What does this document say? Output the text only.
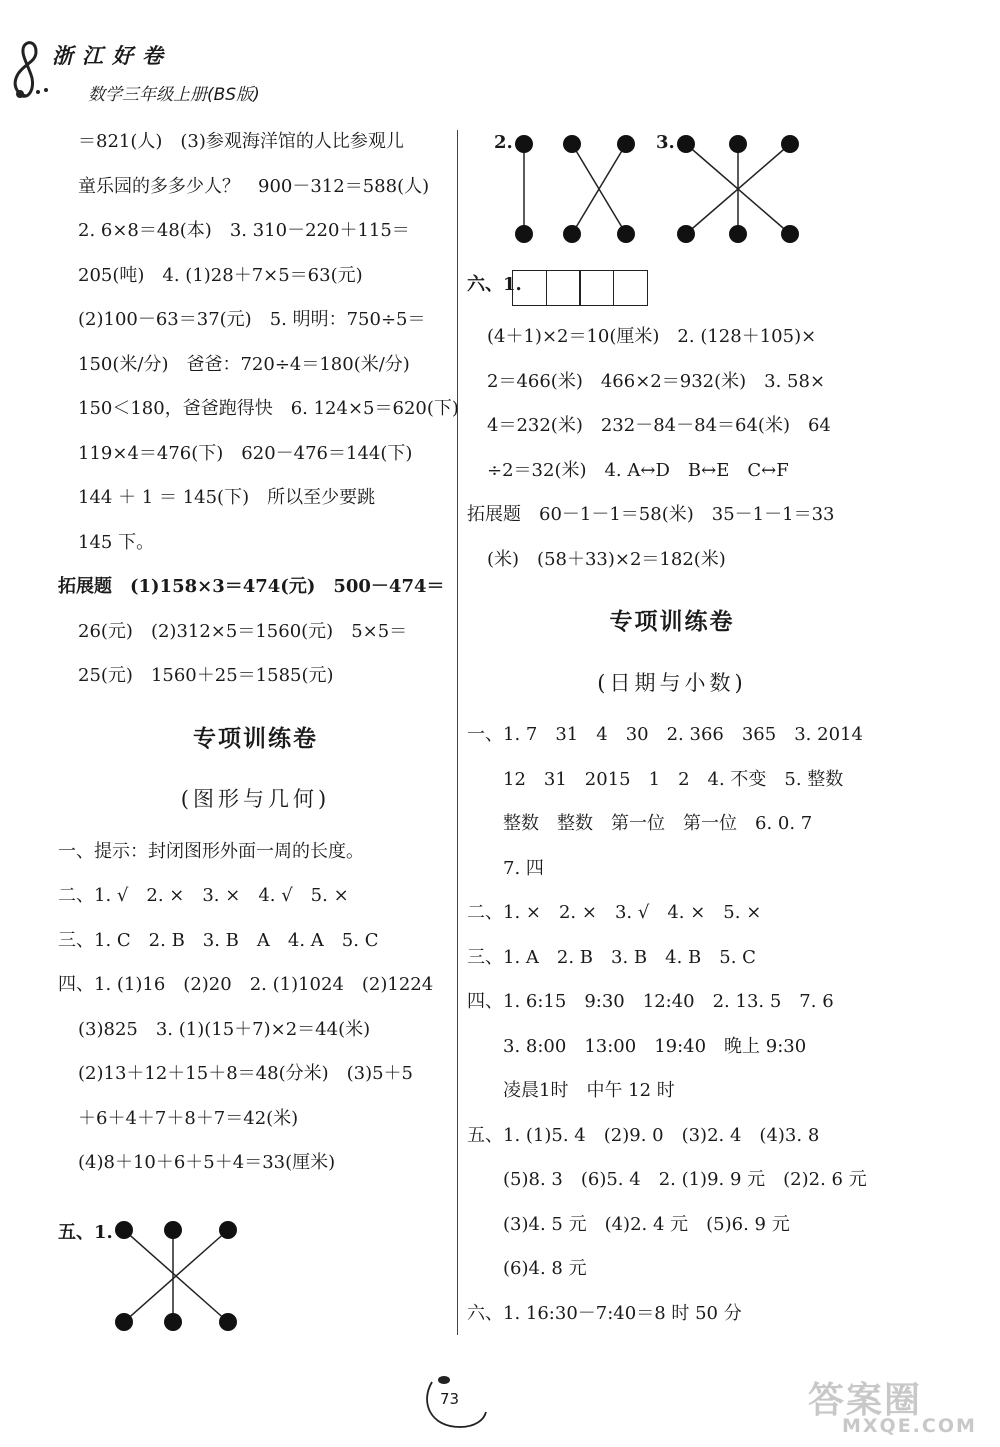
浙江好卷
数学三年级上册(BS版)
＝821(人)　(3)参观海洋馆的人比参观儿
童乐园的多多少人？　900－312＝588(人)
2. 6×8＝48(本)　3. 310－220＋115＝
205(吨)　4. (1)28＋7×5＝63(元)
(2)100－63＝37(元)　5. 明明：750÷5＝
150(米/分)　爸爸：720÷4＝180(米/分)
150＜180，爸爸跑得快　6. 124×5＝620(下)
119×4＝476(下)　620－476＝144(下)
144 ＋ 1 ＝ 145(下)　所以至少要跳
145 下。
拓展题　(1)158×3＝474(元)　500－474＝
26(元)　(2)312×5＝1560(元)　5×5＝
25(元)　1560＋25＝1585(元)
专项训练卷
(图形与几何)
一、提示：封闭图形外面一周的长度。
二、1. √　2. ×　3. ×　4. √　5. ×
三、1. C　2. B　3. B　A　4. A　5. C
四、1. (1)16　(2)20　2. (1)1024　(2)1224
(3)825　3. (1)(15＋7)×2＝44(米)
(2)13＋12＋15＋8＝48(分米)　(3)5＋5
＋6＋4＋7＋8＋7＝42(米)
(4)8＋10＋6＋5＋4＝33(厘米)
五、1.
2.	3.
六、1.
(4＋1)×2＝10(厘米)　2. (128＋105)×
2＝466(米)　466×2＝932(米)　3. 58×
4＝232(米)　232－84－84＝64(米)　64
÷2＝32(米)　4. A↔D　B↔E　C↔F
拓展题　60－1－1＝58(米)　35－1－1＝33
(米)　(58＋33)×2＝182(米)
专项训练卷
(日期与小数)
一、1. 7　31　4　30　2. 366　365　3. 2014
12　31　2015　1　2　4. 不变　5. 整数
整数　整数　第一位　第一位　6. 0. 7
7. 四
二、1. ×　2. ×　3. √　4. ×　5. ×
三、1. A　2. B　3. B　4. B　5. C
四、1. 6:15　9:30　12:40　2. 13. 5　7. 6
3. 8:00　13:00　19:40　晚上 9:30
凌晨1时　中午 12 时
五、1. (1)5. 4　(2)9. 0　(3)2. 4　(4)3. 8
(5)8. 3　(6)5. 4　2. (1)9. 9 元　(2)2. 6 元
(3)4. 5 元　(4)2. 4 元　(5)6. 9 元
(6)4. 8 元
六、1. 16:30－7:40＝8 时 50 分
73	答案圈
MXQE.COM
